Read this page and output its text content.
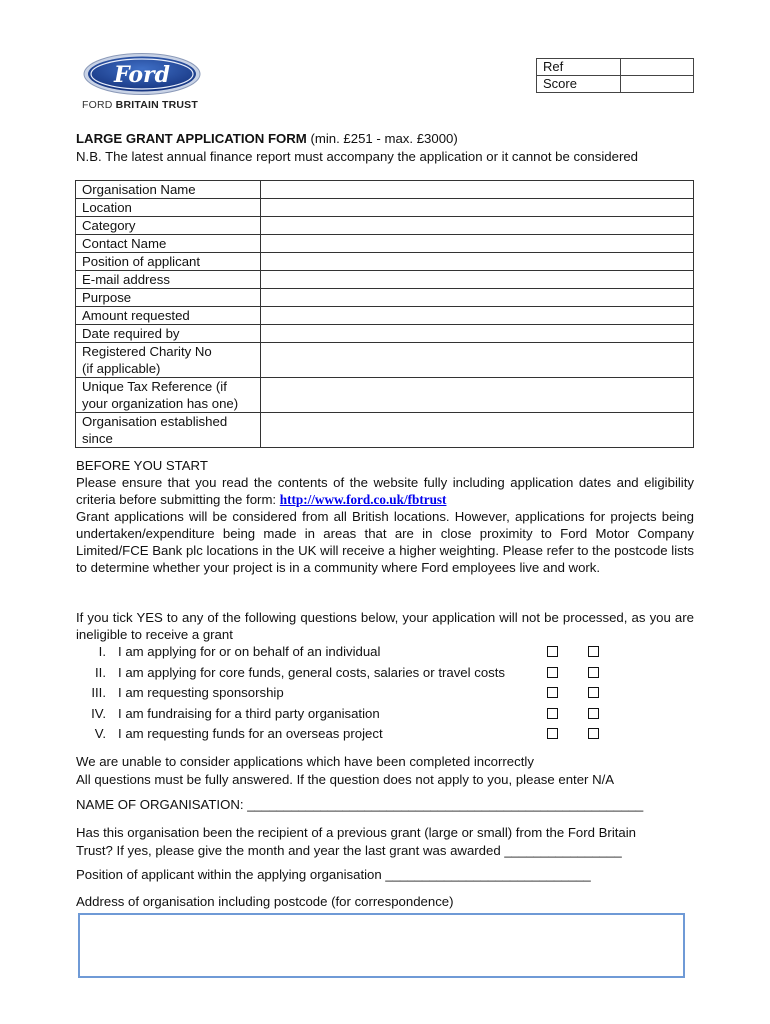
Ford
FORD BRITAIN TRUST
Ref	
Score	
LARGE GRANT APPLICATION FORM (min. £251 - max. £3000)
N.B. The latest annual finance report must accompany the application or it cannot be considered
Organisation Name	
Location	
Category	
Contact Name	
Position of applicant	
E-mail address	
Purpose	
Amount requested	
Date required by	
Registered Charity No
(if applicable)	
Unique Tax Reference (if
your organization has one)	
Organisation established
since	

BEFORE YOU START

Please ensure that you read the contents of the website fully including application dates and eligibility criteria before submitting the form: http://www.ford.co.uk/fbtrust

Grant applications will be considered from all British locations. However, applications for projects being undertaken/expenditure being made in areas that are in close proximity to Ford Motor Company Limited/FCE Bank plc locations in the UK will receive a higher weighting. Please refer to the postcode lists to determine whether your project is in a community where Ford employees live and work.

If you tick YES to any of the following questions below, your application will not be processed, as you are ineligible to receive a grant
I. I am applying for or on behalf of an individual
II. I am applying for core funds, general costs, salaries or travel costs
III. I am requesting sponsorship
IV. I am fundraising for a third party organisation
V. I am requesting funds for an overseas project
We are unable to consider applications which have been completed incorrectly
All questions must be fully answered. If the question does not apply to you, please enter N/A
NAME OF ORGANISATION: ______________________________________________________
Has this organisation been the recipient of a previous grant (large or small) from the Ford Britain
Trust? If yes, please give the month and year the last grant was awarded ________________
Position of applicant within the applying organisation ____________________________
Address of organisation including postcode (for correspondence)
